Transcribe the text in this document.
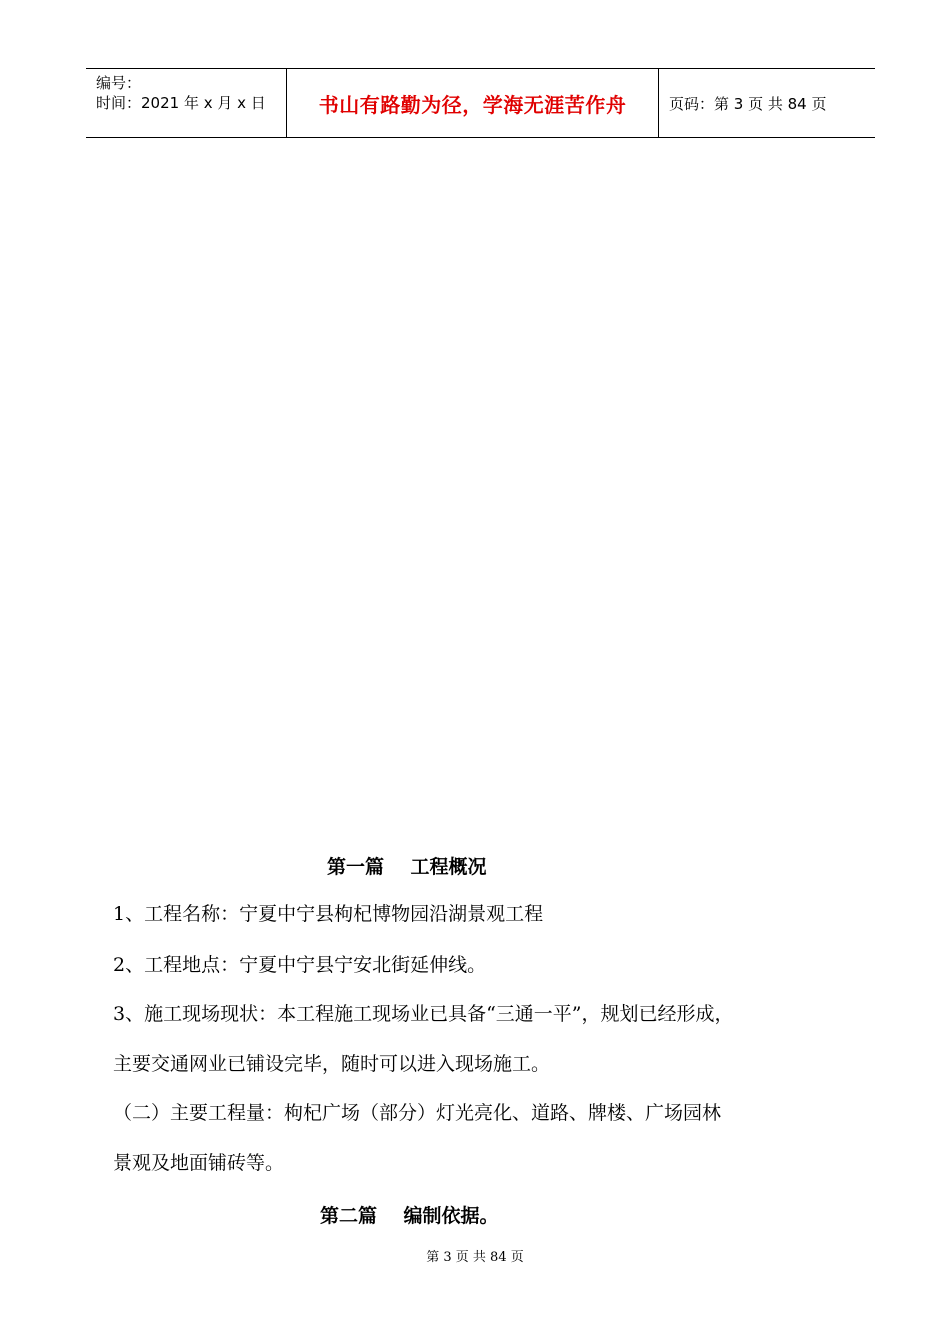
编号：
时间：2021 年 x 月 x 日	书山有路勤为径，学海无涯苦作舟	页码：第 3 页 共 84 页
第一篇    工程概况
1、工程名称：宁夏中宁县枸杞博物园沿湖景观工程
2、工程地点：宁夏中宁县宁安北街延伸线。
3、施工现场现状：本工程施工现场业已具备“三通一平”，规划已经形成，
主要交通网业已铺设完毕，随时可以进入现场施工。
（二）主要工程量：枸杞广场（部分）灯光亮化、道路、牌楼、广场园林
景观及地面铺砖等。
第二篇    编制依据。
第 3 页 共 84 页
